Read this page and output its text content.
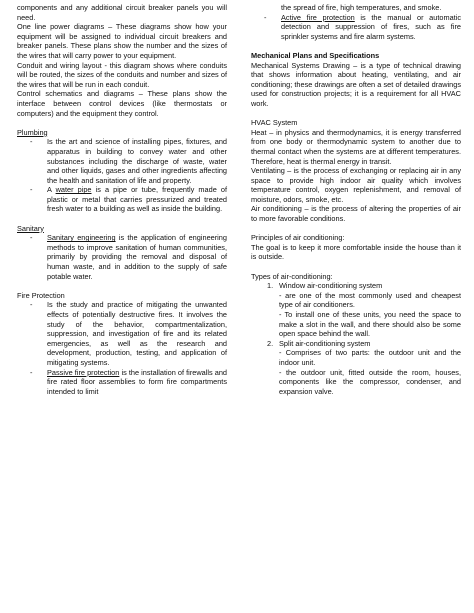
components and any additional circuit breaker panels you will need.

One line power diagrams – These diagrams show how your equipment will be assigned to individual circuit breakers and breaker panels. These plans show the number and the sizes of the wires that will carry power to your equipment.

Conduit and wiring layout - this diagram shows where conduits will be routed, the sizes of the conduits and number and sizes of the wires that will be run in each conduit.

Control schematics and diagrams – These plans show the interface between control devices (like thermostats or computers) and the equipment they control.

Plumbing

- Is the art and science of installing pipes, fixtures, and apparatus in building to convey water and other substances including the discharge of waste, water and other liquids, gases and other ingredients affecting the health and sanitation of life and property.
- A water pipe is a pipe or tube, frequently made of plastic or metal that carries pressurized and treated fresh water to a building as well as inside the building.

Sanitary

- Sanitary engineering is the application of engineering methods to improve sanitation of human communities, primarily by providing the removal and disposal of human waste, and in addition to the supply of safe potable water.

Fire Protection

- Is the study and practice of mitigating the unwanted effects of potentially destructive fires. It involves the study of the behavior, compartmentalization, suppression, and investigation of fire and its related emergencies, as well as the research and development, production, testing, and application of mitigating systems.
- Passive fire protection is the installation of firewalls and fire rated floor assemblies to form fire compartments intended to limit
the spread of fire, high temperatures, and smoke.
- Active fire protection is the manual or automatic detection and suppression of fires, such as fire sprinkler systems and fire alarm systems.

Mechanical Plans and Specifications

Mechanical Systems Drawing – is a type of technical drawing that shows information about heating, ventilating, and air conditioning; these drawings are often a set of detailed drawings used for construction projects; it is a requirement for all HVAC work.

HVAC System

Heat – in physics and thermodynamics, it is energy transferred from one body or thermodynamic system to another due to thermal contact when the systems are at different temperatures. Therefore, heat is thermal energy in transit.

Ventilating – is the process of exchanging or replacing air in any space to provide high indoor air quality which involves temperature control, oxygen replenishment, and removal of moisture, odors, smoke, etc.

Air conditioning – is the process of altering the properties of air to more favorable conditions.

Principles of air conditioning:

The goal is to keep it more comfortable inside the house than it is outside.

Types of air-conditioning:

1. Window air-conditioning system
- are one of the most commonly used and cheapest type of air conditioners.
- To install one of these units, you need the space to make a slot in the wall, and there should also be some open space behind the wall.
2. Split air-conditioning system
- Comprises of two parts: the outdoor unit and the indoor unit.
- the outdoor unit, fitted outside the room, houses, components like the compressor, condenser, and expansion valve.
